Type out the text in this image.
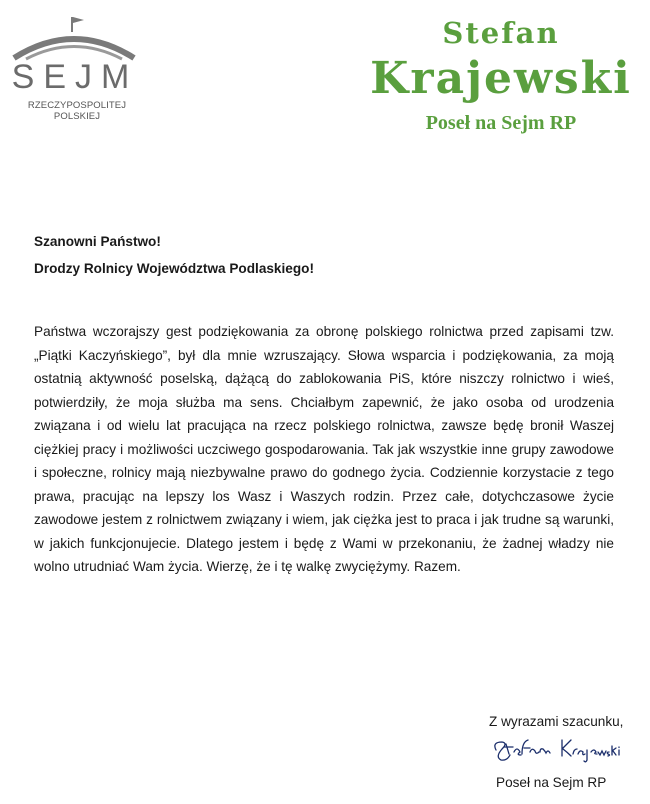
SEJM
RZECZYPOSPOLITEJ POLSKIEJ
Stefan
Krajewski
Poseł na Sejm RP
Szanowni Państwo!
Drodzy Rolnicy Województwa Podlaskiego!
Państwa wczorajszy gest podziękowania za obronę polskiego rolnictwa przed zapisami tzw. „Piątki Kaczyńskiego”, był dla mnie wzruszający. Słowa wsparcia i podziękowania, za moją ostatnią aktywność poselską, dążącą do zablokowania PiS, które niszczy rolnictwo i wieś, potwierdziły, że moja służba ma sens. Chciałbym zapewnić, że jako osoba od urodzenia związana i od wielu lat pracująca na rzecz polskiego rolnictwa, zawsze będę bronił Waszej ciężkiej pracy i możliwości uczciwego gospodarowania. Tak jak wszystkie inne grupy zawodowe i społeczne, rolnicy mają niezbywalne prawo do godnego życia. Codziennie korzystacie z tego prawa, pracując na lepszy los Wasz i Waszych rodzin. Przez całe, dotychczasowe życie zawodowe jestem z rolnictwem związany i wiem, jak ciężka jest to praca i jak trudne są warunki, w jakich funkcjonujecie. Dlatego jestem i będę z Wami w przekonaniu, że żadnej władzy nie wolno utrudniać Wam życia. Wierzę, że i tę walkę zwyciężymy. Razem.
Z wyrazami szacunku,
Poseł na Sejm RP
